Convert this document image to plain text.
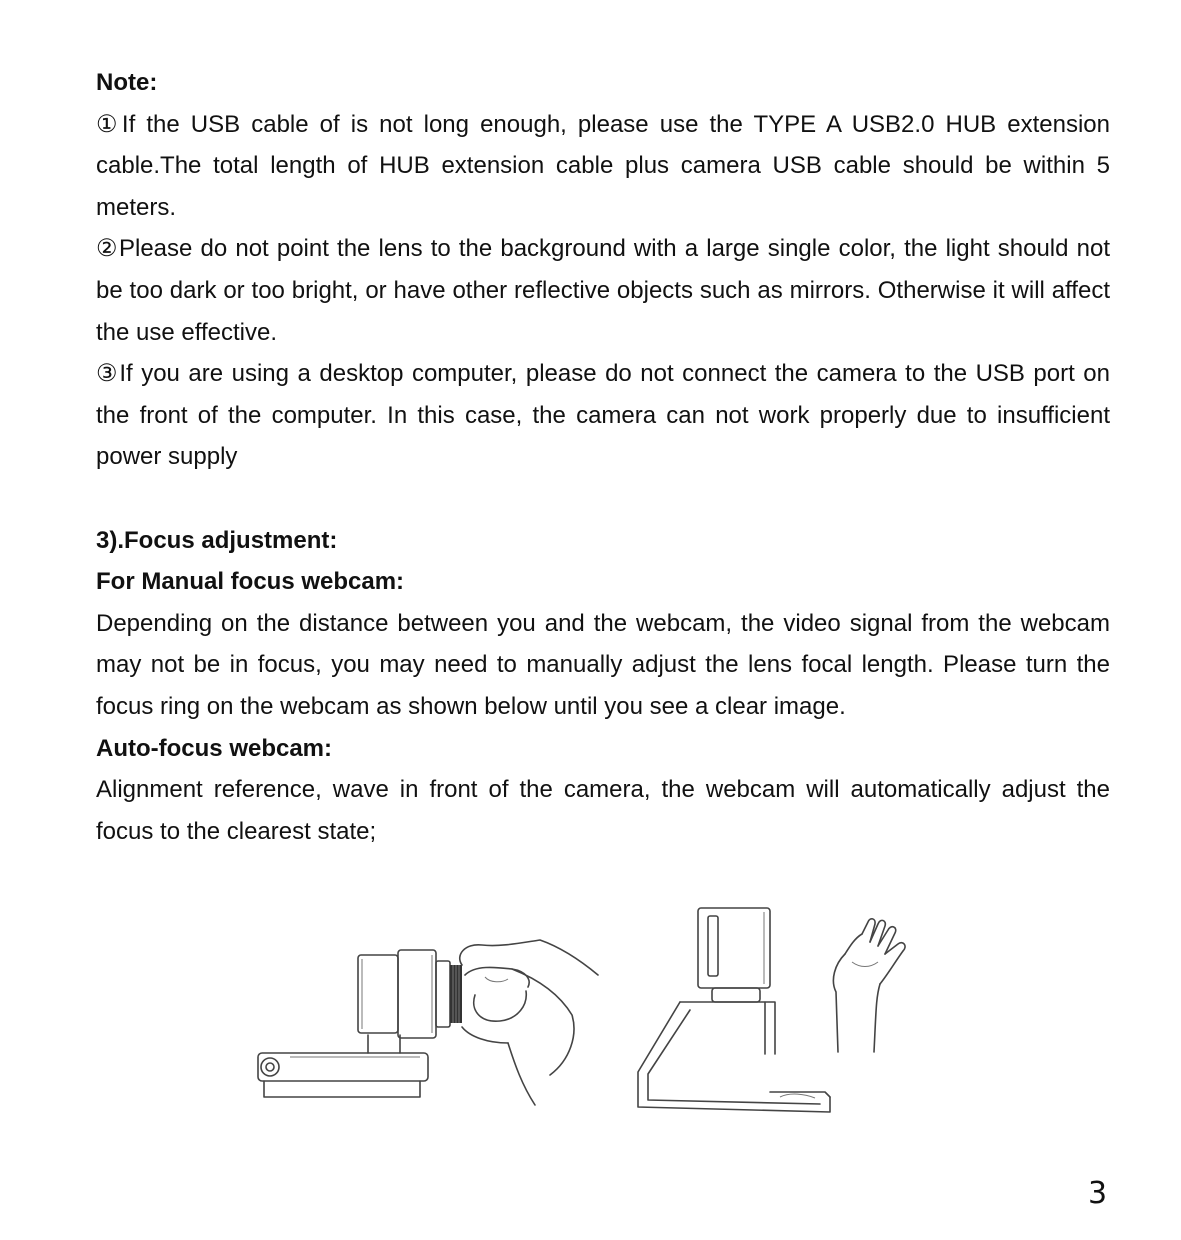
Note:

①If the USB cable of is not long enough, please use the TYPE A USB2.0 HUB extension cable.The total length of HUB extension cable plus camera USB cable should be within 5 meters.

②Please do not point the lens to the background with a large single color, the light should not be too dark or too bright, or have other reflective objects such as mirrors. Otherwise it will affect the use effective.

③If you are using a desktop computer, please do not connect the camera to the USB port on the front of the computer. In this case, the camera can not work properly due to insufficient power supply

3).Focus adjustment:

For Manual focus webcam:

Depending on the distance between you and the webcam, the video signal from the webcam may not be in focus, you may need to manually adjust the lens focal length. Please turn the focus ring on the webcam as shown below until you see a clear image.

Auto-focus webcam:

Alignment reference, wave in front of the camera, the webcam will automatically adjust the focus to the clearest state;

3
